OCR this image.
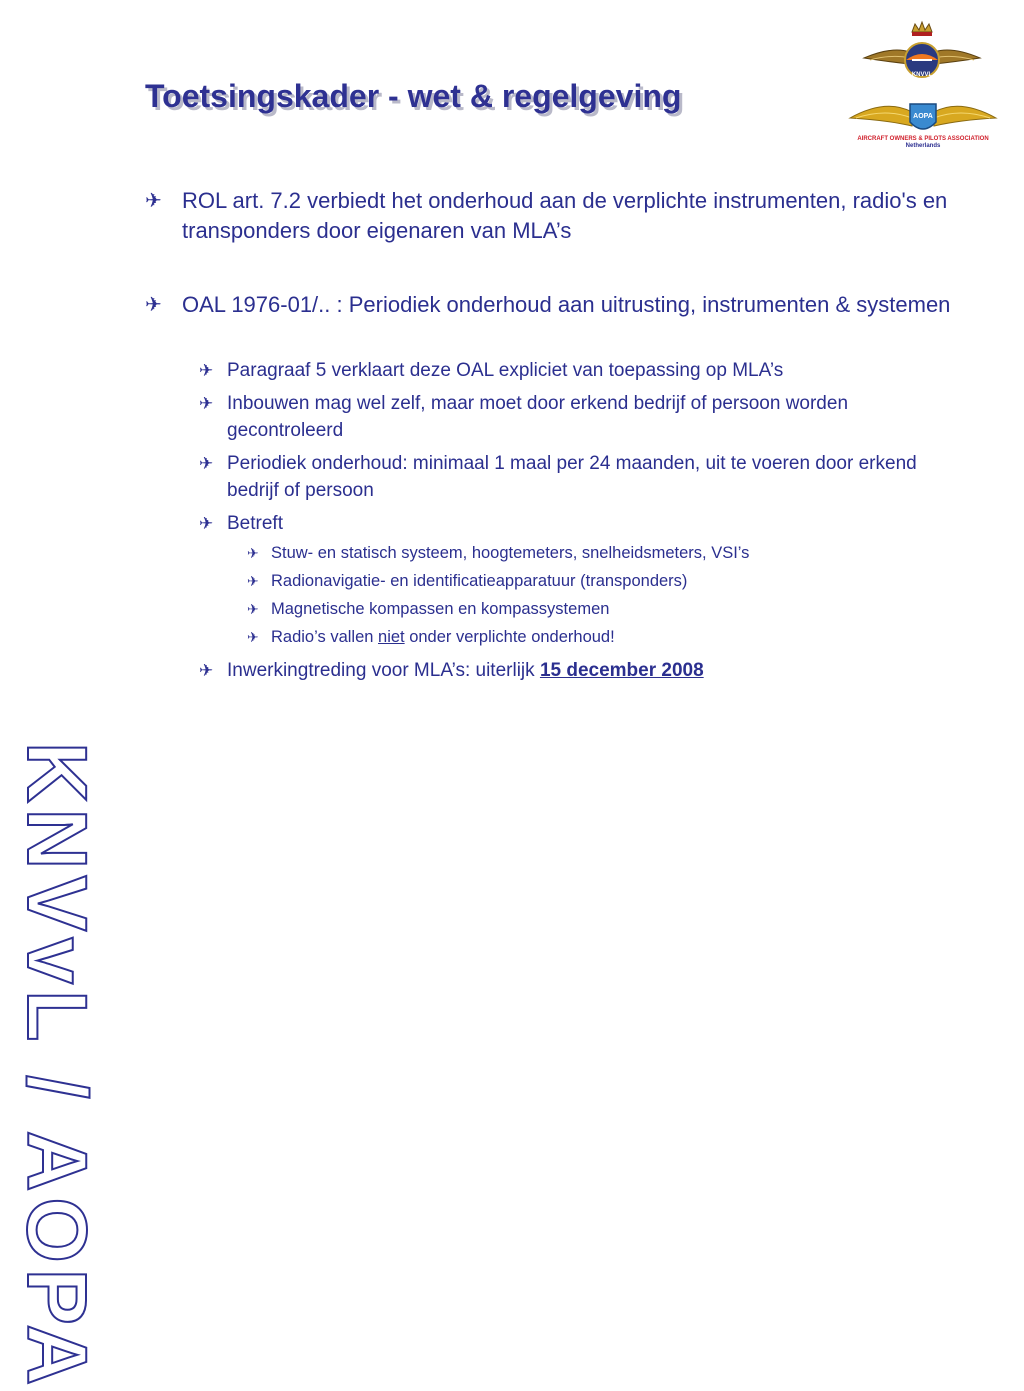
KNVvL / AOPA
Toetsingskader - wet & regelgeving
KNVVL
AOPA
AIRCRAFT OWNERS & PILOTS ASSOCIATION
Netherlands
✈ ROL art. 7.2 verbiedt het onderhoud aan de verplichte instrumenten, radio's en transponders door eigenaren van MLA’s
✈ OAL 1976-01/.. : Periodiek onderhoud aan uitrusting, instrumenten & systemen
✈ Paragraaf 5 verklaart deze OAL expliciet van toepassing op MLA’s
✈ Inbouwen mag wel zelf, maar moet door erkend bedrijf of persoon worden gecontroleerd
✈ Periodiek onderhoud: minimaal 1 maal per 24 maanden, uit te voeren door erkend bedrijf of persoon
✈ Betreft
✈ Stuw- en statisch systeem, hoogtemeters, snelheidsmeters, VSI’s
✈ Radionavigatie- en identificatieapparatuur (transponders)
✈ Magnetische kompassen en kompassystemen
✈ Radio’s vallen niet onder verplichte onderhoud!
✈ Inwerkingtreding voor MLA’s: uiterlijk 15 december 2008
